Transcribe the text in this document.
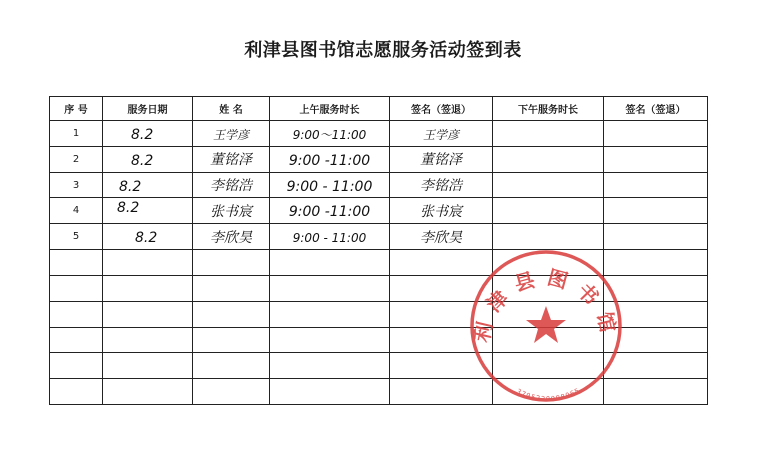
利津县图书馆志愿服务活动签到表
序 号	服务日期	姓 名	上午服务时长	签名（签退）	下午服务时长	签名（签退）
1	8.2	王学彦	9:00～11:00	王学彦		
2	8.2	董铭泽	9:00 -11:00	董铭泽		
3	8.2	李铭浩	9:00 - 11:00	李铭浩		
4	8.2	张书宸	9:00 -11:00	张书宸		
5	8.2	李欣昊	9:00 - 11:00	李欣昊		

利津县图书馆
3705220008965
